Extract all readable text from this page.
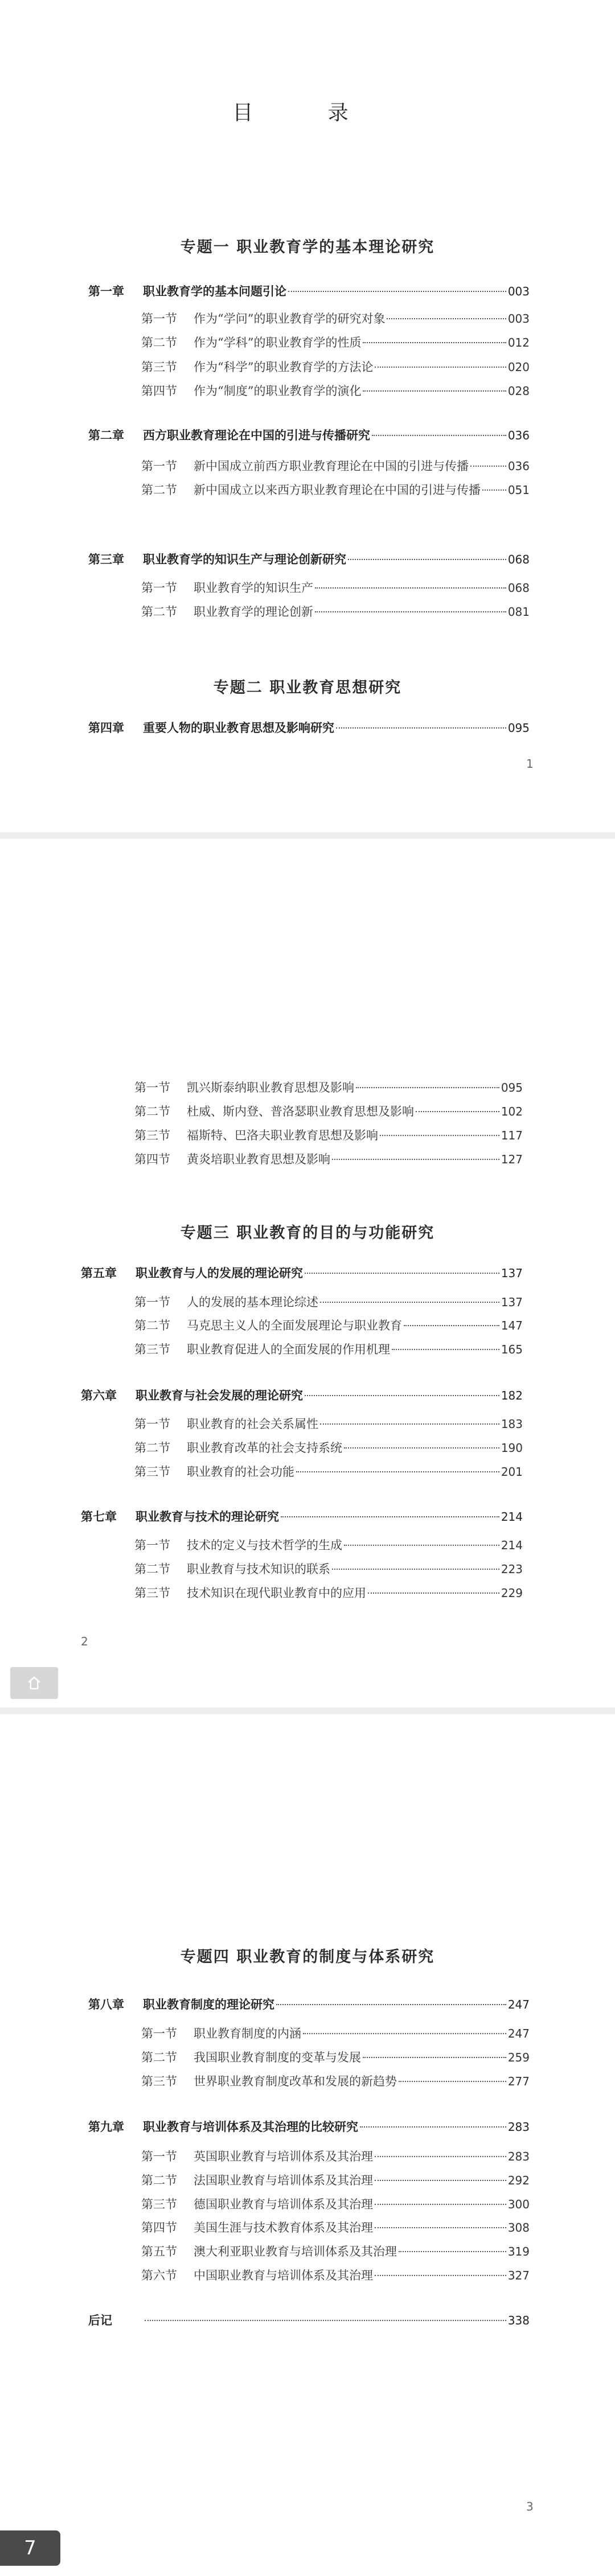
目 录
专题一 职业教育学的基本理论研究
第一章	职业教育学的基本问题引论	003
第一节	作为“学问”的职业教育学的研究对象	003
第二节	作为“学科”的职业教育学的性质	012
第三节	作为“科学”的职业教育学的方法论	020
第四节	作为“制度”的职业教育学的演化	028
第二章	西方职业教育理论在中国的引进与传播研究	036
第一节	新中国成立前西方职业教育理论在中国的引进与传播	036
第二节	新中国成立以来西方职业教育理论在中国的引进与传播 051
第三章	职业教育学的知识生产与理论创新研究	068
第一节	职业教育学的知识生产	068
第二节	职业教育学的理论创新	081
专题二 职业教育思想研究
第四章	重要人物的职业教育思想及影响研究	095
第一节	凯兴斯泰纳职业教育思想及影响	095
第二节	杜威、斯内登、普洛瑟职业教育思想及影响	102
第三节	福斯特、巴洛夫职业教育思想及影响	117
第四节	黄炎培职业教育思想及影响	127
专题三 职业教育的目的与功能研究
第五章	职业教育与人的发展的理论研究	137
第一节	人的发展的基本理论综述	137
第二节	马克思主义人的全面发展理论与职业教育	147
第三节	职业教育促进人的全面发展的作用机理	165
第六章	职业教育与社会发展的理论研究	182
第一节	职业教育的社会关系属性	183
第二节	职业教育改革的社会支持系统	190
第三节	职业教育的社会功能	201
第七章	职业教育与技术的理论研究	214
第一节	技术的定义与技术哲学的生成	214
第二节	职业教育与技术知识的联系	223
第三节	技术知识在现代职业教育中的应用	229
专题四 职业教育的制度与体系研究
第八章	职业教育制度的理论研究	247
第一节	职业教育制度的内涵	247
第二节	我国职业教育制度的变革与发展	259
第三节	世界职业教育制度改革和发展的新趋势	277
第九章	职业教育与培训体系及其治理的比较研究	283
第一节	英国职业教育与培训体系及其治理	283
第二节	法国职业教育与培训体系及其治理	292
第三节	德国职业教育与培训体系及其治理	300
第四节	美国生涯与技术教育体系及其治理	308
第五节	澳大利亚职业教育与培训体系及其治理	319
第六节	中国职业教育与培训体系及其治理	327
后记	338
1
2
3
7
